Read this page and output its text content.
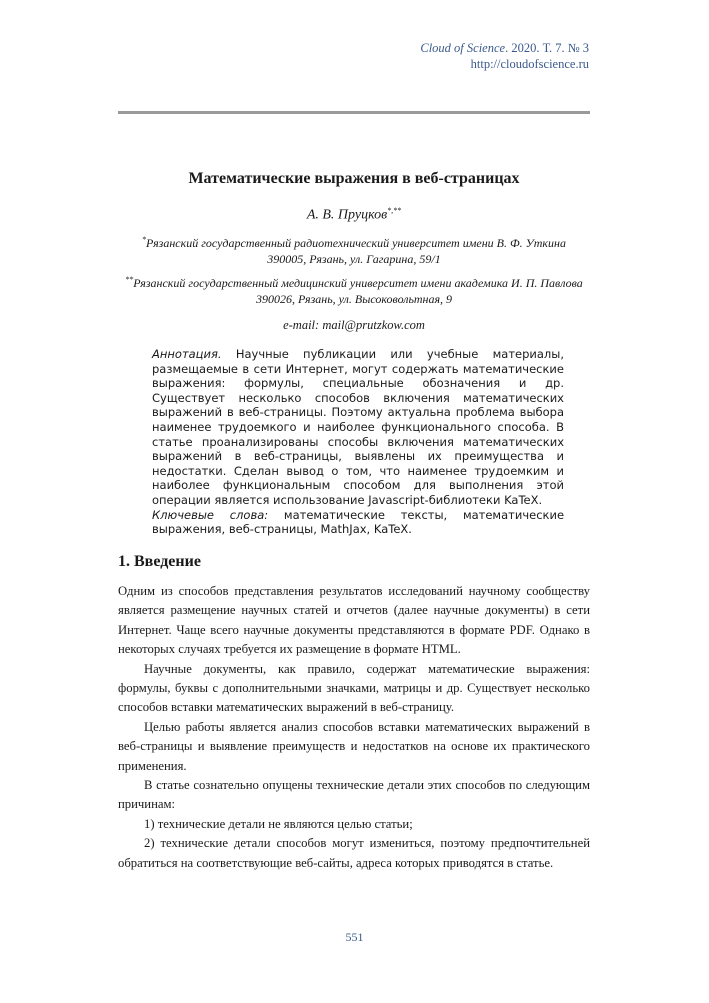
Cloud of Science. 2020. Т. 7. № 3
http://cloudofscience.ru
Математические выражения в веб-страницах
А. В. Пруцков*,**
*Рязанский государственный радиотехнический университет имени В. Ф. Уткина
390005, Рязань, ул. Гагарина, 59/1
**Рязанский государственный медицинский университет имени академика И. П. Павлова
390026, Рязань, ул. Высоковольтная, 9
e-mail: mail@prutzkow.com

Аннотация. Научные публикации или учебные материалы, размещаемые в сети Интернет, могут содержать математические выражения: формулы, специальные обозначения и др. Существует несколько способов включения математических выражений в веб-страницы. Поэтому актуальна проблема выбора наименее трудоемкого и наиболее функционального способа. В статье проанализированы способы включения математических выражений в веб-страницы, выявлены их преимущества и недостатки. Сделан вывод о том, что наименее трудоемким и наиболее функциональным способом для выполнения этой операции является использование Javascript-библиотеки KaTeX.

Ключевые слова: математические тексты, математические выражения, веб-страницы, MathJax, KaTeX.

1. Введение

Одним из способов представления результатов исследований научному сообществу является размещение научных статей и отчетов (далее научные документы) в сети Интернет. Чаще всего научные документы представляются в формате PDF. Однако в некоторых случаях требуется их размещение в формате HTML.

Научные документы, как правило, содержат математические выражения: формулы, буквы с дополнительными значками, матрицы и др. Существует несколько способов вставки математических выражений в веб-страницу.

Целью работы является анализ способов вставки математических выражений в веб-страницы и выявление преимуществ и недостатков на основе их практического применения.

В статье сознательно опущены технические детали этих способов по следующим причинам:

1) технические детали не являются целью статьи;

2) технические детали способов могут измениться, поэтому предпочтительней обратиться на соответствующие веб-сайты, адреса которых приводятся в статье.

551
